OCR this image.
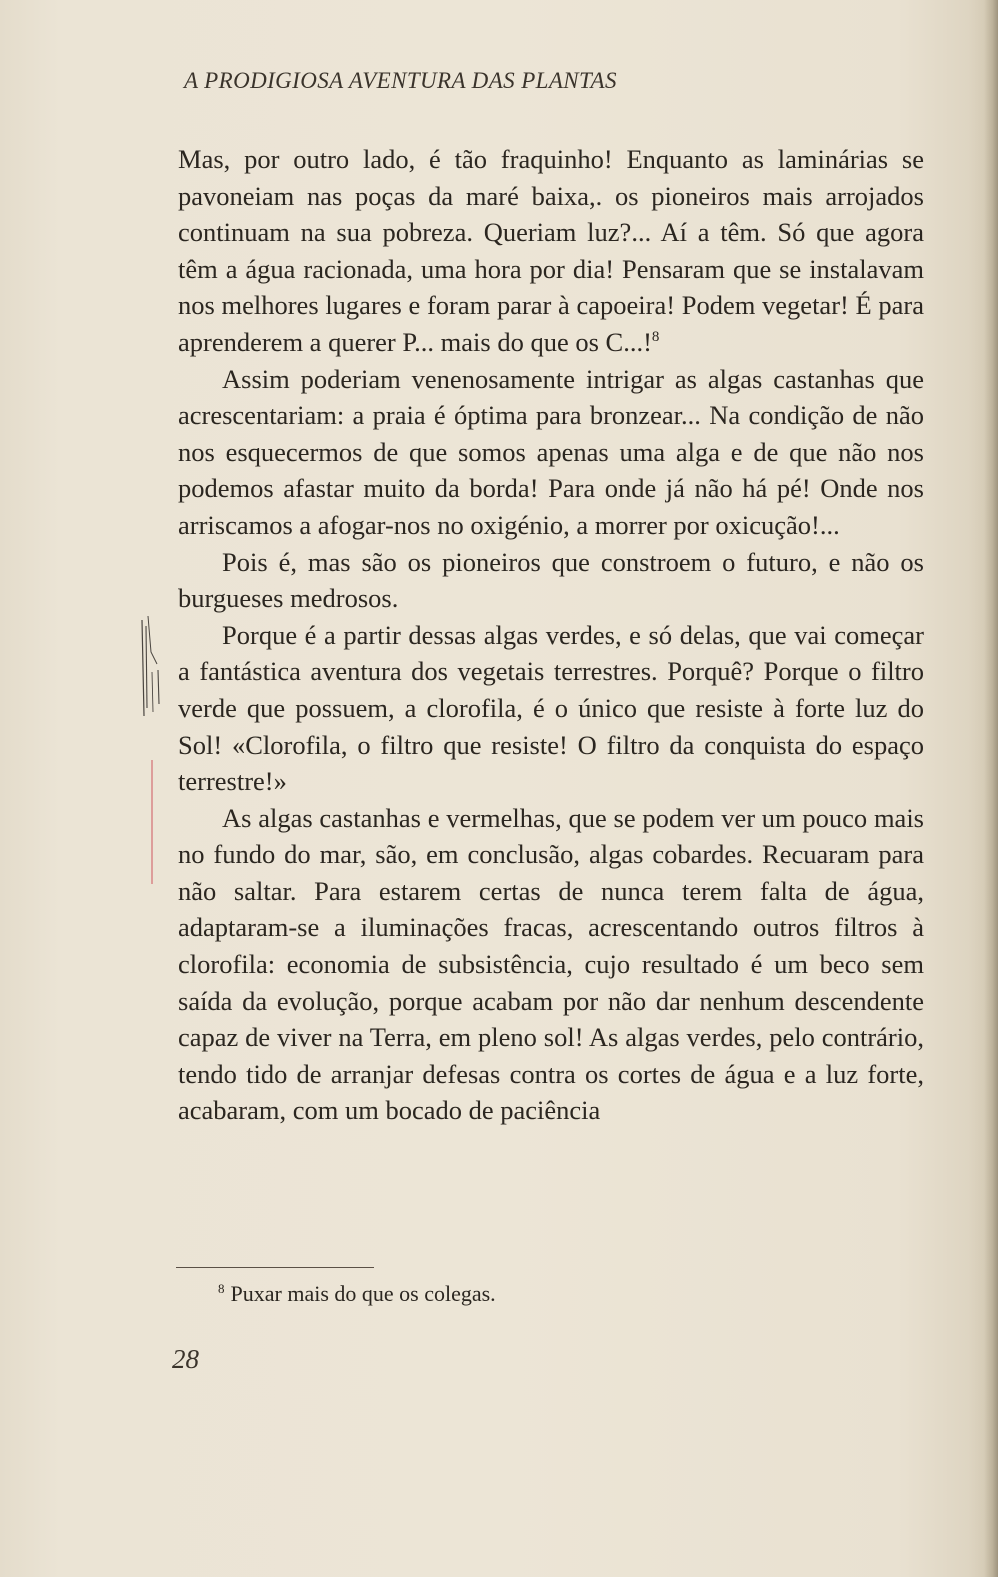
A PRODIGIOSA AVENTURA DAS PLANTAS

Mas, por outro lado, é tão fraquinho! Enquanto as laminárias se pavoneiam nas poças da maré baixa,. os pioneiros mais arrojados continuam na sua pobreza. Queriam luz?... Aí a têm. Só que agora têm a água racionada, uma hora por dia! Pensaram que se instalavam nos melhores lugares e foram parar à capoeira! Podem vegetar! É para aprenderem a querer P... mais do que os C...!$^8$

Assim poderiam venenosamente intrigar as algas castanhas que acrescentariam: a praia é óptima para bronzear... Na condição de não nos esquecermos de que somos apenas uma alga e de que não nos podemos afastar muito da borda! Para onde já não há pé! Onde nos arriscamos a afogar-nos no oxigénio, a morrer por oxicução!...

Pois é, mas são os pioneiros que constroem o futuro, e não os burgueses medrosos.

Porque é a partir dessas algas verdes, e só delas, que vai começar a fantástica aventura dos vegetais terrestres. Porquê? Porque o filtro verde que possuem, a clorofila, é o único que resiste à forte luz do Sol! «Clorofila, o filtro que resiste! O filtro da conquista do espaço terrestre!»

As algas castanhas e vermelhas, que se podem ver um pouco mais no fundo do mar, são, em conclusão, algas cobardes. Recuaram para não saltar. Para estarem certas de nunca terem falta de água, adaptaram-se a iluminações fracas, acrescentando outros filtros à clorofila: economia de subsistência, cujo resultado é um beco sem saída da evolução, porque acabam por não dar nenhum descendente capaz de viver na Terra, em pleno sol! As algas verdes, pelo contrário, tendo tido de arranjar defesas contra os cortes de água e a luz forte, acabaram, com um bocado de paciência

$^8$ Puxar mais do que os colegas.
28
